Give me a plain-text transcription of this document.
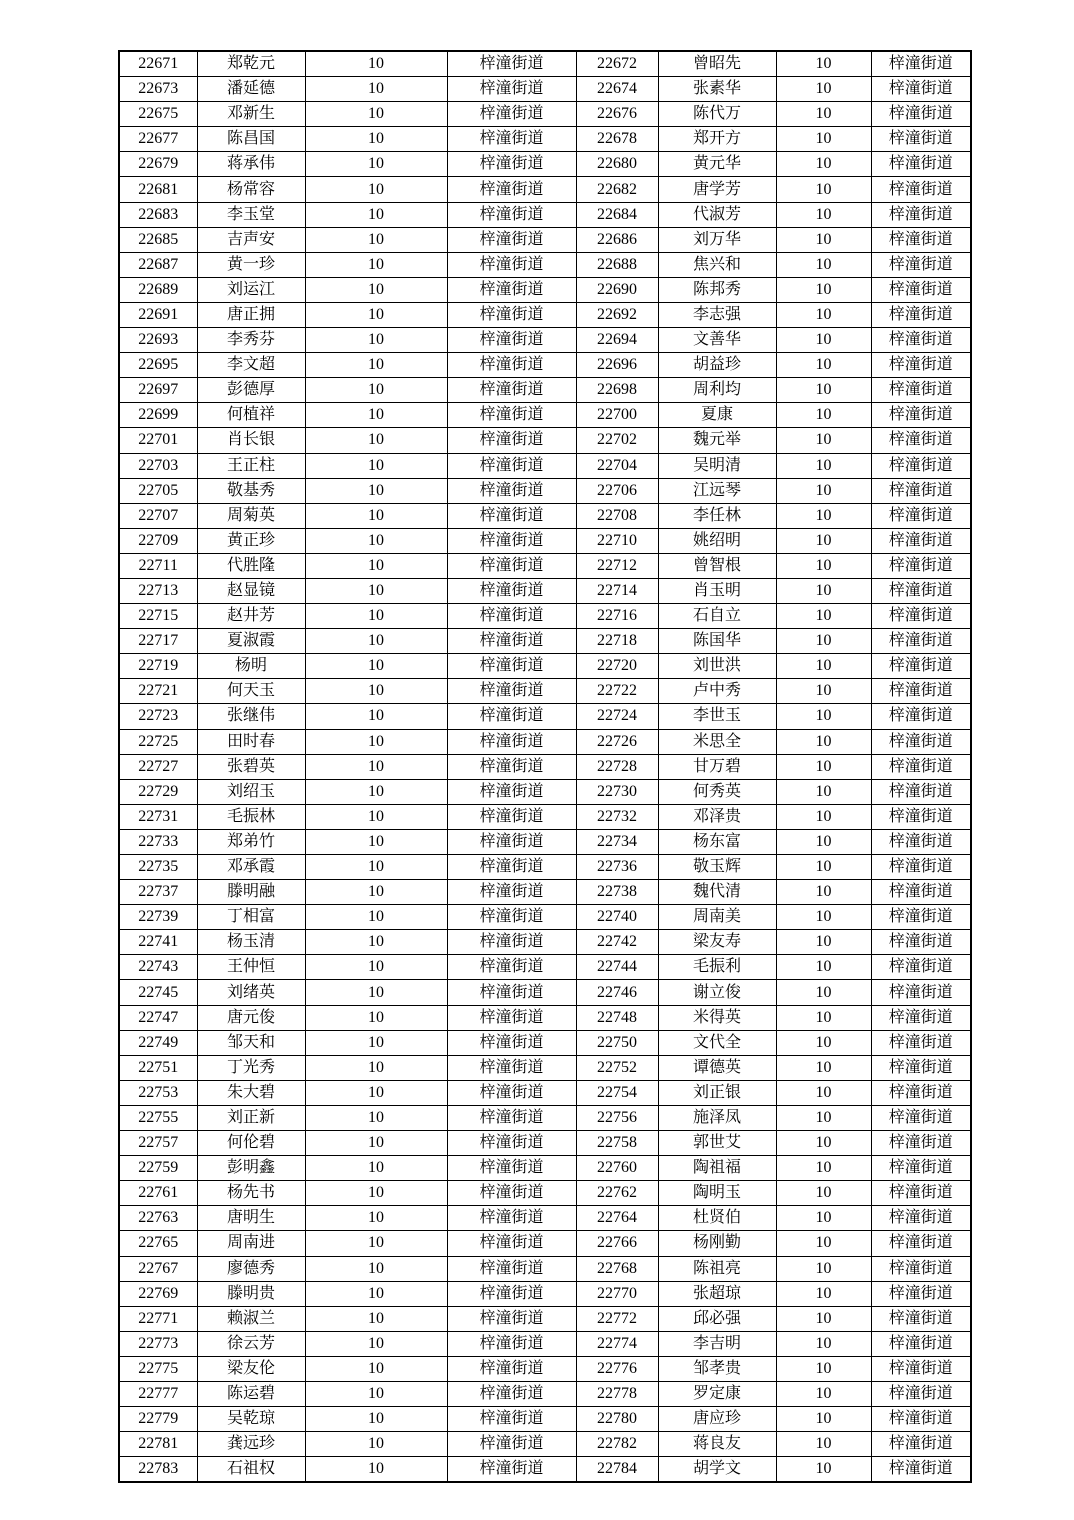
22671	郑乾元	10	梓潼街道	22672	曾昭先	10	梓潼街道
22673	潘延德	10	梓潼街道	22674	张素华	10	梓潼街道
22675	邓新生	10	梓潼街道	22676	陈代万	10	梓潼街道
22677	陈昌国	10	梓潼街道	22678	郑开方	10	梓潼街道
22679	蒋承伟	10	梓潼街道	22680	黄元华	10	梓潼街道
22681	杨常容	10	梓潼街道	22682	唐学芳	10	梓潼街道
22683	李玉堂	10	梓潼街道	22684	代淑芳	10	梓潼街道
22685	吉声安	10	梓潼街道	22686	刘万华	10	梓潼街道
22687	黄一珍	10	梓潼街道	22688	焦兴和	10	梓潼街道
22689	刘运江	10	梓潼街道	22690	陈邦秀	10	梓潼街道
22691	唐正拥	10	梓潼街道	22692	李志强	10	梓潼街道
22693	李秀芬	10	梓潼街道	22694	文善华	10	梓潼街道
22695	李文超	10	梓潼街道	22696	胡益珍	10	梓潼街道
22697	彭德厚	10	梓潼街道	22698	周利均	10	梓潼街道
22699	何植祥	10	梓潼街道	22700	夏康	10	梓潼街道
22701	肖长银	10	梓潼街道	22702	魏元举	10	梓潼街道
22703	王正柱	10	梓潼街道	22704	吴明清	10	梓潼街道
22705	敬基秀	10	梓潼街道	22706	江远琴	10	梓潼街道
22707	周菊英	10	梓潼街道	22708	李任林	10	梓潼街道
22709	黄正珍	10	梓潼街道	22710	姚绍明	10	梓潼街道
22711	代胜隆	10	梓潼街道	22712	曾智根	10	梓潼街道
22713	赵显镜	10	梓潼街道	22714	肖玉明	10	梓潼街道
22715	赵井芳	10	梓潼街道	22716	石自立	10	梓潼街道
22717	夏淑霞	10	梓潼街道	22718	陈国华	10	梓潼街道
22719	杨明	10	梓潼街道	22720	刘世洪	10	梓潼街道
22721	何天玉	10	梓潼街道	22722	卢中秀	10	梓潼街道
22723	张继伟	10	梓潼街道	22724	李世玉	10	梓潼街道
22725	田时春	10	梓潼街道	22726	米思全	10	梓潼街道
22727	张碧英	10	梓潼街道	22728	甘万碧	10	梓潼街道
22729	刘绍玉	10	梓潼街道	22730	何秀英	10	梓潼街道
22731	毛振林	10	梓潼街道	22732	邓泽贵	10	梓潼街道
22733	郑弟竹	10	梓潼街道	22734	杨东富	10	梓潼街道
22735	邓承霞	10	梓潼街道	22736	敬玉辉	10	梓潼街道
22737	滕明融	10	梓潼街道	22738	魏代清	10	梓潼街道
22739	丁相富	10	梓潼街道	22740	周南美	10	梓潼街道
22741	杨玉清	10	梓潼街道	22742	梁友寿	10	梓潼街道
22743	王仲恒	10	梓潼街道	22744	毛振利	10	梓潼街道
22745	刘绪英	10	梓潼街道	22746	谢立俊	10	梓潼街道
22747	唐元俊	10	梓潼街道	22748	米得英	10	梓潼街道
22749	邹天和	10	梓潼街道	22750	文代全	10	梓潼街道
22751	丁光秀	10	梓潼街道	22752	谭德英	10	梓潼街道
22753	朱大碧	10	梓潼街道	22754	刘正银	10	梓潼街道
22755	刘正新	10	梓潼街道	22756	施泽凤	10	梓潼街道
22757	何伦碧	10	梓潼街道	22758	郭世艾	10	梓潼街道
22759	彭明鑫	10	梓潼街道	22760	陶祖福	10	梓潼街道
22761	杨先书	10	梓潼街道	22762	陶明玉	10	梓潼街道
22763	唐明生	10	梓潼街道	22764	杜贤伯	10	梓潼街道
22765	周南进	10	梓潼街道	22766	杨刚勤	10	梓潼街道
22767	廖德秀	10	梓潼街道	22768	陈祖亮	10	梓潼街道
22769	滕明贵	10	梓潼街道	22770	张超琼	10	梓潼街道
22771	赖淑兰	10	梓潼街道	22772	邱必强	10	梓潼街道
22773	徐云芳	10	梓潼街道	22774	李吉明	10	梓潼街道
22775	梁友伦	10	梓潼街道	22776	邹孝贵	10	梓潼街道
22777	陈运碧	10	梓潼街道	22778	罗定康	10	梓潼街道
22779	吴乾琼	10	梓潼街道	22780	唐应珍	10	梓潼街道
22781	龚远珍	10	梓潼街道	22782	蒋良友	10	梓潼街道
22783	石祖权	10	梓潼街道	22784	胡学文	10	梓潼街道
